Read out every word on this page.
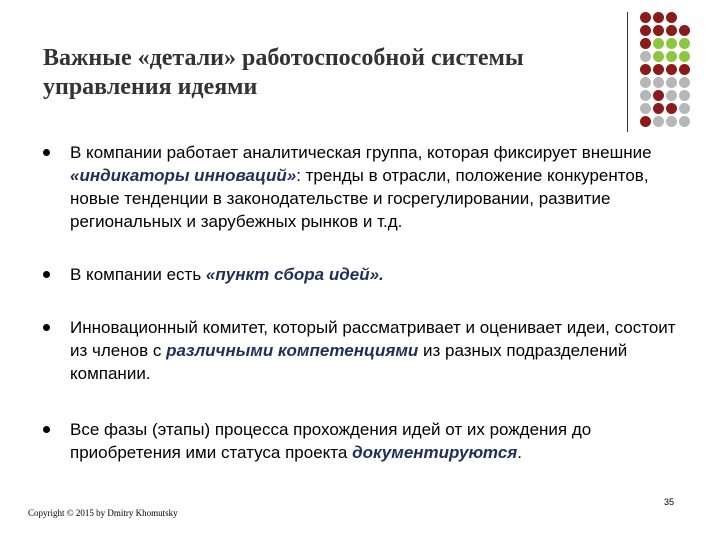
Важные «детали» работоспособной системы
управления идеями
В компании работает аналитическая группа, которая фиксирует внешние «индикаторы инноваций»: тренды в отрасли, положение конкурентов, новые тенденции в законодательстве и госрегулировании, развитие региональных и зарубежных рынков и т.д.
В компании есть «пункт сбора идей».
Инновационный комитет, который рассматривает и оценивает идеи, состоит из членов с различными компетенциями из разных подразделений компании.
Все фазы (этапы) процесса прохождения идей от их рождения до приобретения ими статуса проекта документируются.
35
Copyright © 2015 by Dmitry Khomutsky
